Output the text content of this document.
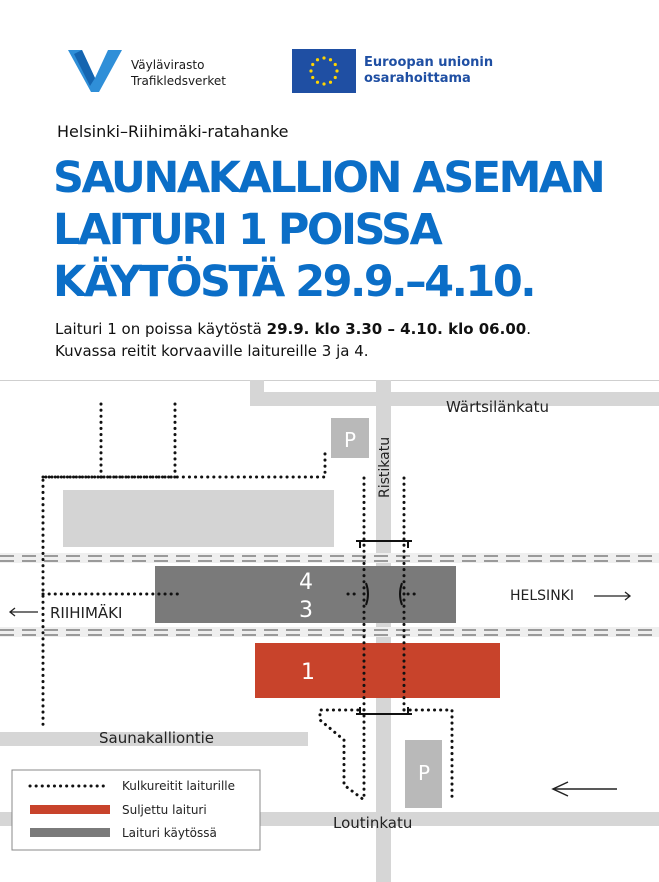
Väylävirasto
Trafikledsverket
Euroopan unionin
osarahoittama
Helsinki–Riihimäki-ratahanke
SAUNAKALLION ASEMAN
LAITURI 1 POISSA
KÄYTÖSTÄ 29.9.–4.10.
Laituri 1 on poissa käytöstä 29.9. klo 3.30 – 4.10. klo 06.00.
Kuvassa reitit korvaaville laitureille 3 ja 4.
P
P
4
3
1
Wärtsilänkatu
Ristikatu
Saunakalliontie
Loutinkatu
RIIHIMÄKI
HELSINKI
Kulkureitit laiturille
Suljettu laituri
Laituri käytössä
